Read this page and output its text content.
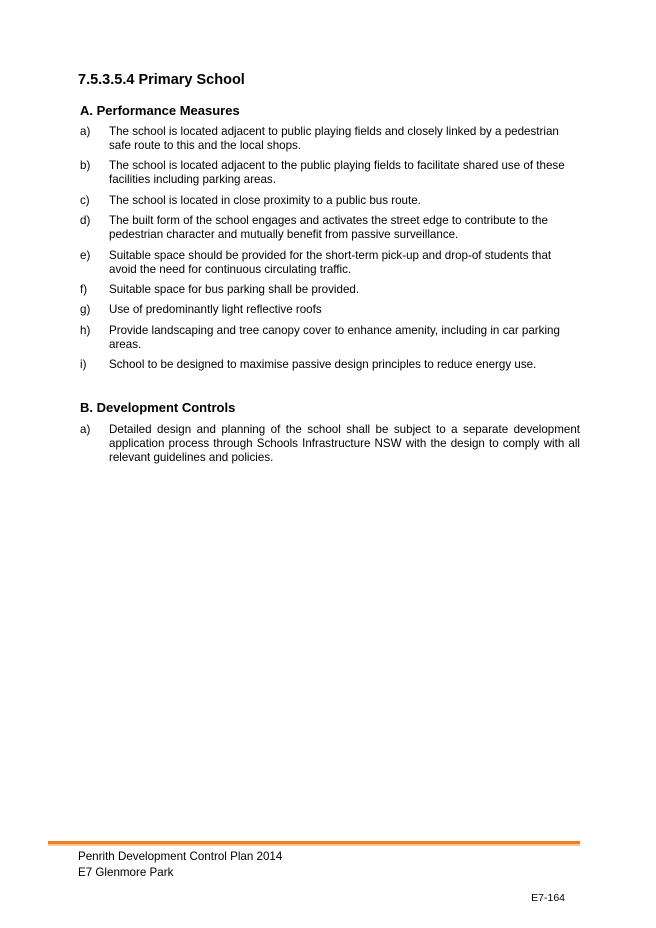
7.5.3.5.4 Primary School
A. Performance Measures
a)	The school is located adjacent to public playing fields and closely linked by a pedestrian safe route to this and the local shops.
b)	The school is located adjacent to the public playing fields to facilitate shared use of these facilities including parking areas.
c)	The school is located in close proximity to a public bus route.
d)	The built form of the school engages and activates the street edge to contribute to the pedestrian character and mutually benefit from passive surveillance.
e)	Suitable space should be provided for the short-term pick-up and drop-of students that avoid the need for continuous circulating traffic.
f)	Suitable space for bus parking shall be provided.
g)	Use of predominantly light reflective roofs
h)	Provide landscaping and tree canopy cover to enhance amenity, including in car parking areas.
i)	School to be designed to maximise passive design principles to reduce energy use.
B. Development Controls
a)	Detailed design and planning of the school shall be subject to a separate development application process through Schools Infrastructure NSW with the design to comply with all relevant guidelines and policies.
Penrith Development Control Plan 2014
E7 Glenmore Park
E7-164
